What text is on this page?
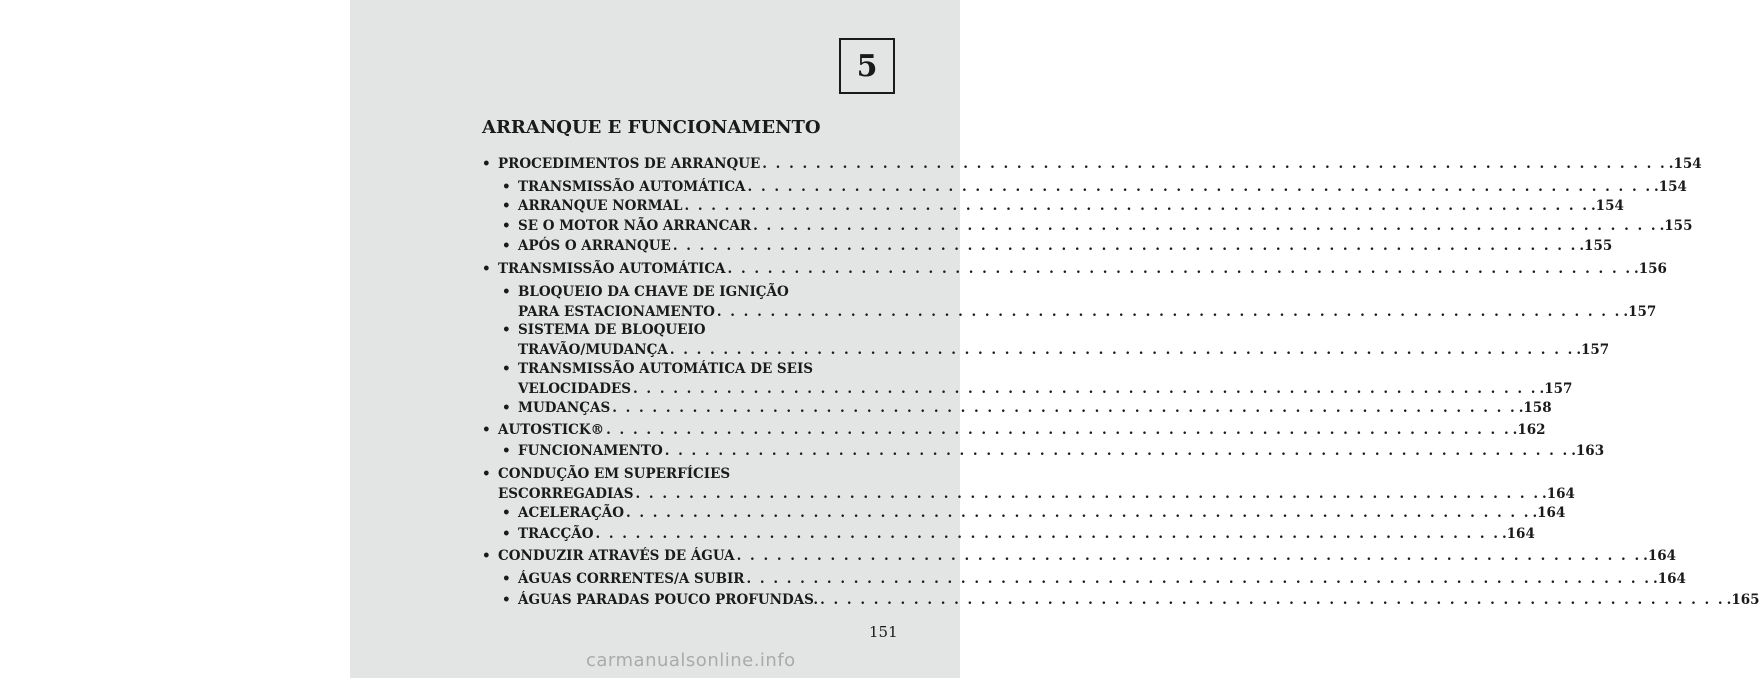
5
ARRANQUE E FUNCIONAMENTO
• PROCEDIMENTOS DE ARRANQUE . . .	.154
• TRANSMISSÃO AUTOMÁTICA . . .	.154
• ARRANQUE NORMAL . . .	.154
• SE O MOTOR NÃO ARRANCAR . . .	.155
• APÓS O ARRANQUE . . .	.155
• TRANSMISSÃO AUTOMÁTICA . . .	.156
• BLOQUEIO DA CHAVE DE IGNIÇÃO
PARA ESTACIONAMENTO . . .	.157
• SISTEMA DE BLOQUEIO
TRAVÃO/MUDANÇA . . .	.157
• TRANSMISSÃO AUTOMÁTICA DE SEIS
VELOCIDADES . . .	.157
• MUDANÇAS . . .	.158
• AUTOSTICK® . . .	.162
• FUNCIONAMENTO . . .	.163
• CONDUÇÃO EM SUPERFÍCIES
ESCORREGADIAS . . .	.164
• ACELERAÇÃO . . .	.164
• TRACÇÃO . . .	.164
• CONDUZIR ATRAVÉS DE ÁGUA . . .	.164
• ÁGUAS CORRENTES/A SUBIR . . .	.164
• ÁGUAS PARADAS POUCO PROFUNDAS. . . .	.165
151
carmanualsonline.info
